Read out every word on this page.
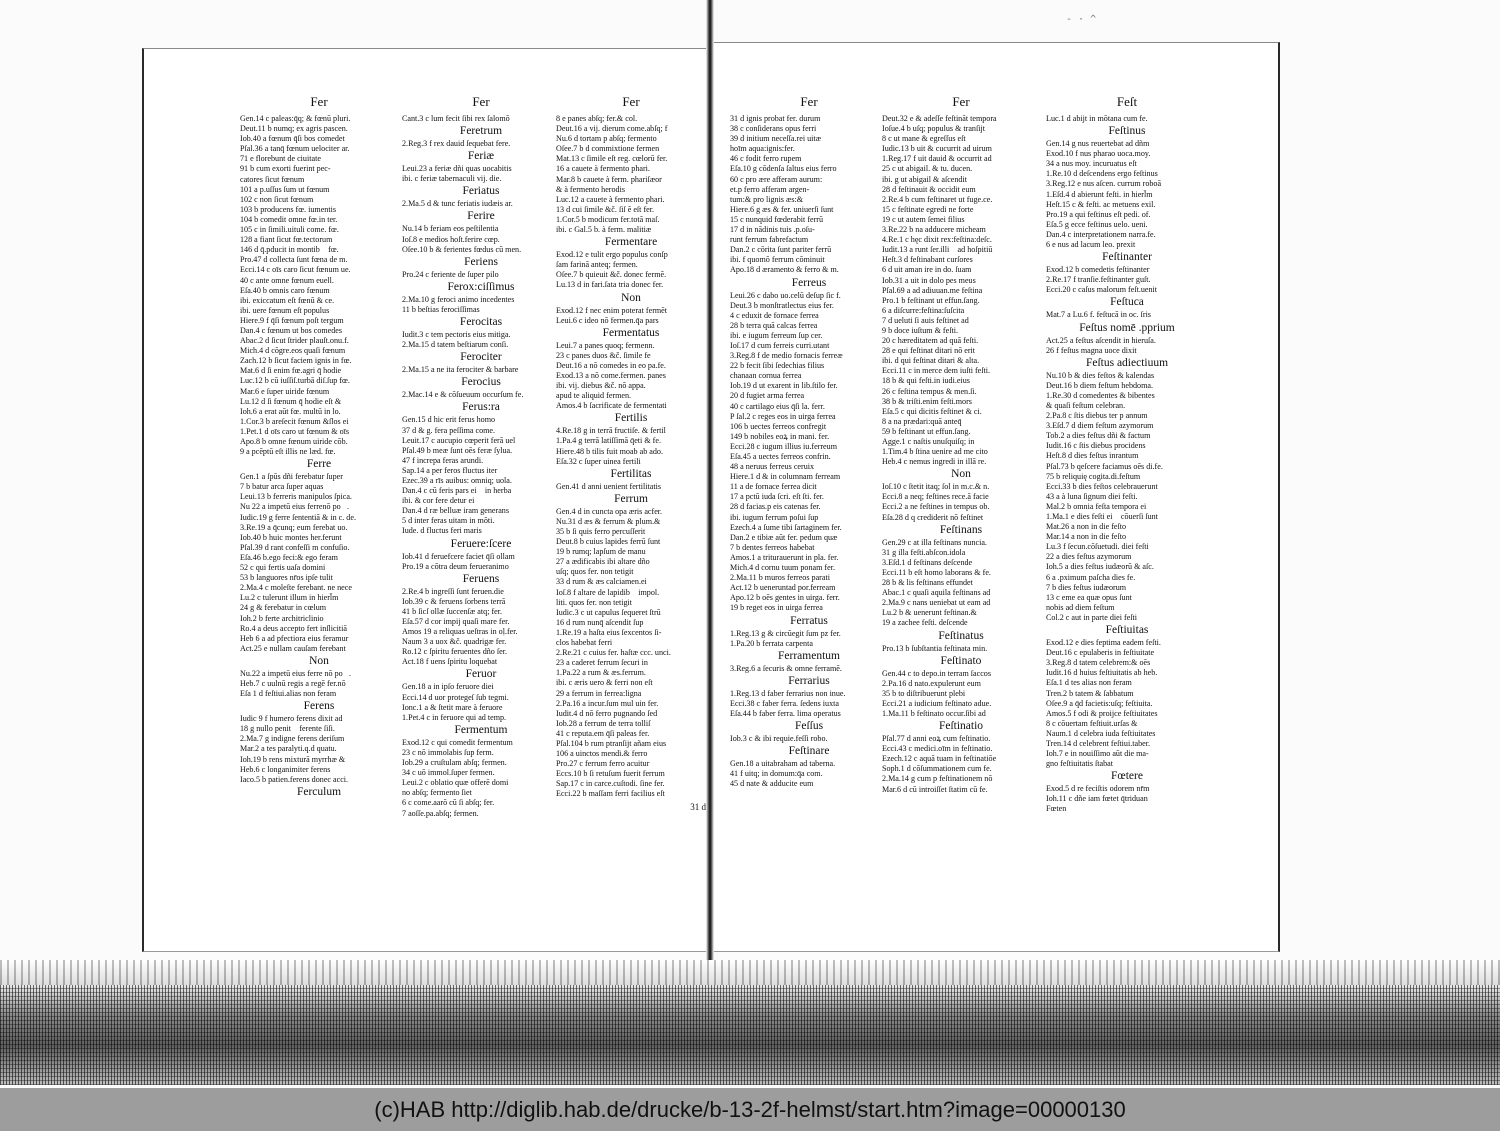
- · ^
Fer
Gen.14 c paleas:q̄q; & fœnū pluri.
Deut.11 b numq; ex agris pascen.
Iob.40 a fœnum q̄ſi bos comedet
Pſal.36 a tanq̄ fœnum uelociter ar.
71 e florebunt de ciuitate
91 b cum exorti fuerint pec-
catores ſicut fœnum
101 a p.uſſus ſum ut fœnum
102 c non ſicut fœnum
103 b producens fœ. iumentis
104 b comedit omne fœ.in ter.
105 c in ſimili.uituli come. fœ.
128 a fiant ſicut fœ.tectorum
146 d q̄.pducit in montib᷒ fœ.
Pro.47 d collecta ſunt fœna de m.
Ecci.14 c oīs caro ſicut fœnum ue.
40 c ante omne fœnum euell.
Eſa.40 b omnis caro fœnum
ibi. exiccatum eſt fœnū & ce.
ibi. uere fœnum eſt populus
Hiere.9 f q̄ſi fœnum poſt tergum
Dan.4 c fœnum ut bos comedes
Abac.2 d ſicut ſtrider plauſt.onu.f.
Mich.4 d cōgre.eos quaſi fœnum
Zach.12 b ſicut faciem ignis in fœ.
Mat.6 d ſi enim fœ.agri q̄ hodie
Luc.12 b cū iuſſiſ.turbā diſ.ſup fœ.
Mar.6 e ſuper uiride fœnum
Lu.12 d ſi fœnum q̄ hodie eſt &
Ioh.6 a erat aūt fœ. multū in lo.
1.Cor.3 b areſecit fœnum &ſlos ei᷒
1.Pet.1 d oīs caro ut fœnum & oīs
Apo.8 b omne fœnum uiride cōb.
9 a pcēptū eſt illis ne læd. fœ.
Ferre
Gen.1 a ſpūs dñi ferebatur ſuper
7 b batur arca ſuper aquas
Leui.13 b ferreris manipulos ſpica.
Nu 22 a impetū eius ferrenō po᷒.
Iudic.19 g ferre ſententiā & in c. de.
3.Re.19 a q̄cunq; eum ferebat uo.
Iob.40 b huic montes her.ferunt
Pſal.39 d rant confeſſi m confuſio.
Eſa.46 b.ego feci:& ego feram
52 c qui fertis uaſa domini
53 b languores nr̄os ipſe tulit
2.Ma.4 c moleſte ferebant. ne nece
Lu.2 c tulerunt illum in hierl̄m
24 g & ferebatur in cœlum
Ioh.2 b ferte architriclinio
Ro.4 a deus accepto fert inſlicitiā
Heb 6 a ad pfectiora eius feramur
Act.25 e nullam cauſam ferebant
Non
Nu.22 a impetū eius ferre nō po᷒.
Heb.7 c uulnū regis a regē fer.nō
Eſa 1 d feſtiui.alias non feram
Ferens
Iudic 9 f humero ferens dixit ad
18 g nullo penit᷒ ferente ſiſi.
2.Ma.7 g indigne ferens deriſum
Mar.2 a tes paralyti.q.d quatu.
Ioh.19 b rens mixturā myrrhæ &
Heb.6 c longanimiter ferens
Iaco.5 b patien.ferens donec acci.
Ferculum
Fer
Cant.3 c lum fecit ſibi rex ſalomō
Feretrum
2.Reg.3 f rex dauid ſequebat fere.
Feriæ
Leui.23 a feriæ dñi quas uocabitis
ibi. c feriæ tabernaculi vij. die.
Feriatus
2.Ma.5 d & tunc feriatis iudæis ar.
Ferire
Nu.14 b feriam eos peſtilentia
Ioſ.8 e medios hoſt.ferire cœp.
Oſee.10 b & ferientes fœdus cū men.
Feriens
Pro.24 c feriente de ſuper pilo
Ferox:ciſſimus
2.Ma.10 g feroci animo incedentes
11 b beſtias ferociſſimas
Ferocitas
Iudit.3 c tem pectoris eius mitiga.
2.Ma.15 d tatem beſtiarum conſi.
Ferociter
2.Ma.15 a ne ita ferociter & barbare
Ferocius
2.Mac.14 e & cōſueuum occurſum fe.
Ferus:ra
Gen.15 d hic erit ferus homo
37 d & g. fera peſſima come.
Leuit.17 c aucupio cœperit ferā uel
Pſal.49 b meæ ſunt oēs feræ ſylua.
47 f increpa feras arundi.
Sap.14 a per feros fluctus iter
Ezec.39 a rīs auibus: omniq; uola.
Dan.4 c cū feris pars ei᷒ in herba
ibi. & cor fere detur ei
Dan.4 d ræ belluæ iram generans
5 d inter feras uitam in mōti.
Iude. d fluctus feri maris
Feruere:ſcere
Iob.41 d feruefcere faciet q̄ſi ollam
Pro.19 a cōtra deum ferueranimo
Feruens
2.Re.4 b ingreſſi ſunt feruen.die
Iob.39 c & feruens ſorbens terrā
41 b ſicſ ollæ ſuccenſæ atq; fer.
Eſa.57 d cor impij quaſi mare fer.
Amos 19 a reliquas ueſtras in oḷ.fer.
Naum 3 a uox &č. quadrigæ fer.
Ro.12 c ſpiritu feruentes dño ſer.
Act.18 f uens ſpiritu loquebat
Feruor
Gen.18 a in ipſo feruore diei
Ecci.14 d uor protegeſ ſub tegmi.
Ionc.1 a & ſtetit mare à feruore
1.Pet.4 c in feruore qui ad temp.
Fermentum
Exod.12 c qui comedit fermentum
23 c nō immolabis ſup ferm.
Iob.29 a cruſtulam abſq; fermen.
34 c uō immol.ſuper fermen.
Leui.2 c oblatio quæ offerē domi
no abſq; fermento ſiet
6 c come.aarō cū ſi abſq; fer.
7 aoſſe.pa.abſq; fermen.
Fer
8 e panes abſq; fer.& col.
Deut.16 a vij. dierum come.abſq; f
Nu.6 d tortam p abſq; fermento
Oſee.7 b d commixtione fermen
Mat.13 c ſimile eſt reg. cœlorū fer.
16 a cauete à fermento phari.
Mar.8 b cauete à ferm. phariſæor
& à fermento herodis
Luc.12 a cauete à fermento phari.
13 d cui ſimile &č. ſiſ ẽ eſt fer.
1.Cor.5 b modicum fer.totā maſ.
ibi. c Gal.5 b. à ferm. malitiæ
Fermentare
Exod.12 e tulit ergo populus conſp
ſam farinā anteq; fermen.
Oſee.7 b quieuit &č. donec fermē.
Lu.13 d in fari.ſata tria donec fer.
Non
Exod.12 f nec enim poterat fermēt
Leui.6 c ideo nō fermen.q̄a pars
Fermentatus
Leui.7 a panes quoq; fermenn.
23 c panes duos &č. ſimile fe
Deut.16 a nō comedes in eo pa.fe.
Exod.13 a nō come.fermen. panes
ibi. vij. diebus &č. nō appa.
apud te aliquid fermen.
Amos.4 b ſacrificate de fermentati
Fertilis
4.Re.18 g in terrā fructiſe. & fertil
1.Pa.4 g terrā latiſſimā q̄eti & fe.
Hiere.48 b tilis fuit moab ab ado.
Eſa.32 c ſuper uinea fertili
Fertilitas
Gen.41 d anni uenient fertilitatis
Ferrum
Gen.4 d in cuncta opa æris acfer.
Nu.31 d æs & ferrum & plum.&
35 b ſi quis ferro percuſſerit
Deut.8 b cuius lapides ferrū ſunt
19 b rumq; lapſum de manu
27 a ædificabis ibi altare dño
uſq; quos fer. non tetigit
33 d rum & æs calciamen.ei᷒
Ioſ.8 f altare de lapidib᷒ impol.
liti. quos fer. non tetigit
Iudic.3 c ut capulus ſequeret ſtrū
16 d rum nunq̄ aſcendit ſup
1.Re.19 a haſta eius ſexcentos ſi-
clos habebat ferri
2.Re.21 c cuius fer. haſtæ ccc. unci.
23 a caderet ferrum ſecuri in
1.Pa.22 a rum & æs.ferrum.
ibi. c æris uero & ferri non eſt
29 a ferrum in ferrea:ligna
2.Pa.16 a incur.ſum mul uin fer.
Iudit.4 d nō ferro pugnando ſed
Iob.28 a ferrum de terra tolliſ
41 c reputa.em q̄ſi paleas fer.
Pſal.104 b rum ptranſijt añam eius
106 a uinctos mendi.& ferro
Pro.27 c ferrum ferro acuitur
Eccs.10 b ſi retuſum fuerit ferrum
Sap.17 c in carce.cuſtodi. ſine fer.
Ecci.22 b maſſam ferri facilius eſt
31 d
Fer
31 d ignis probat fer. durum
38 c conſiderans opus ferri
39 d initium neceſſa.rei uitæ
hoīm aqua:ignis:fer.
46 c fodit ferro rupem
Eſa.10 g cōdenſa ſaltus eius ferro
60 c pro ære afferam aurum:
et.p ferro afferam argen-
tum:& pro lignis æs:&
Hiere.6 g æs & fer. uniuerſi ſunt
15 c nunquid fœderabit ferrū
17 d in nādinis tuis .p.oſu-
runt ferrum fabrefactum
Dan.2 c cōrita ſunt pariter ferrū
ibi. f quomō ferrum cōminuit
Apo.18 d æramento & ferro & m.
Ferreus
Leui.26 c dabo uo.celū deſup ſic f.
Deut.3 b monſtratlectus eius fer.
4 c eduxit de fornace ferrea
28 b terra quā calcas ferrea
ibi. e iugum ferreum ſup cer.
Ioſ.17 d cum ferreis curri.utant
3.Reg.8 f de medio fornacis ferreæ
22 b fecit ſibi ſedechias filius
chanaan cornua ferrea
Iob.19 d ut exarent in lib.ſtilo fer.
20 d fugiet arma ferrea
40 c cartilago eius q̄ſi la. ferr.
P ſal.2 c reges eos in uirga ferrea
106 b uectes ferreos confregit
149 b nobiles eoꝝ in mani. fer.
Ecci.28 c iugum illius iu.ferreum
Eſa.45 a uectes ferreos confrin.
48 a neruus ferreus ceruix
Hiere.1 d & in columnam ferream
11 a de fornace ferrea dicit
17 a pctū iuda ſcri. eſt ſti. fer.
28 d facias.p eis catenas fer.
ibi. iugum ferrum poſui ſup
Ezech.4 a ſume tibi ſartaginem fer.
Dan.2 e tibiæ aūt fer. pedum quæ
7 b dentes ferreos habebat
Amos.1 a triturauerunt in pla. fer.
Mich.4 d cornu tuum ponam fer.
2.Ma.11 b muros ferreos parati
Act.12 b ueneruntad por.ferream
Apo.12 b oēs gentes in uirga. ferr.
19 b reget eos in uirga ferrea
Ferratus
1.Reg.13 g & circūegit ſum pz fer.
1.Pa.20 b ferrata carpenta
Ferramentum
3.Reg.6 a ſecuris & omne ferramē.
Ferrarius
1.Reg.13 d faber ferrarius non inue.
Ecci.38 c faber ferra. ſedens iuxta
Eſa.44 b faber ferra. lima operatus
Feſſus
Iob.3 c & ibi requie.feſſi robo.
Feſtinare
Gen.18 a uitabraham ad taberna.
41 f uitq; in domum:q̄a com.
45 d nate & adducite eum
Fer
Deut.32 e & adeſſe feſtināt tempora
Ioſue.4 b uſq; populus & tranſijt
8 c ut mane & egreſſus eſt
Iudic.13 b uit & cucurrit ad uirum
1.Reg.17 f uit dauid & occurrit ad
25 c ut abigail. & tu. ducen.
ibi. g ut abigail & aſcendit
28 d feſtinauit & occidit eum
2.Re.4 b cum feſtinaret ut fuge.ce.
15 c feſtinate egredi ne forte
19 c ut autem ſemei filius
3.Re.22 b na adducere micheam
4.Re.1 c hęc dixit rex:feſtina:deſc.
Iudit.13 a runt ſer.illi᷒ ad hoſpitiū
Heſt.3 d feſtinabant curſores
6 d uit aman ire in do. ſuam
Iob.31 a uit in dolo pes meus
Pſal.69 a ad adiuuan.me feſtina
Pro.1 b feſtinant ut effun.ſang.
6 a diſcurre:feſtina:ſuſcita
7 d ueluti ſi auis feſtinet ad
9 b doce iuſtum & feſti.
20 c hæreditatem ad quā feſti.
28 e qui feſtinat ditari nō erit
ibi. d qui feſtinat ditari & alta.
Ecci.11 c in merce dem iuſti feſti.
18 b & qui feſti.in iudi.eius
26 c feſtina tempus & men.ſi.
38 b & triſti.enim feſti.mors
Eſa.5 c qui dicitis feſtinet & ci.
8 a na prædari:quā anteq̄
59 b feſtinant ut effun.ſang.
Agge.1 c naſtis unuſquiſq; in
1.Tim.4 b ſtina uenire ad me cito
Heb.4 c nemus ingredi in illā re.
Non
Ioſ.10 c ſtetit itaq; ſol in m.c.& n.
Ecci.8 a neq; feſtines rece.ā facie
Ecci.2 a ne feſtines in tempus ob.
Eſa.28 d q crediderit nō feſtinet
Feſtinans
Gen.29 c at illa feſtinans nuncia.
31 g illa feſti.abſcon.idola
3.Eſd.1 d feſtinans deſcende
Ecci.11 b eſt homo laborans & fe.
28 b & lis feſtinans effundet
Abac.1 c quaſi aquila feſtinans ad
2.Ma.9 c nans ueniebat ut eam ad
Lu.2 b & uenerunt feſtinan.&
19 a zachee feſti. deſcende
Feſtinatus
Pro.13 b ſubſtantia feſtinata min.
Feſtinato
Gen.44 c to depo.in terram ſaccos
2.Pa.16 d nato.expulerunt eum
35 b to diſtribuerunt plebi
Ecci.21 a iudicium feſtinato adue.
1.Ma.11 b feſtinato occur.ſibi ad
Feſtinatio
Pſal.77 d anni eoꝝ cum feſtinatio.
Ecci.43 c medici.oīm in feſtinatio.
Ezech.12 c aquā tuam in feſtinatiōe
Soph.1 d cōſummationem cum fe.
2.Ma.14 g cum p feſtinationem nō
Mar.6 d cū introiſſet ſtatim cū fe.
Feſt
Luc.1 d abijt in mōtana cum fe.
Feſtinus
Gen.14 g nus reuertebat ad dñm
Exod.10 f nus pharao uoca.moy.
34 a nus moy. incuruatus eſt
1.Re.10 d deſcendens ergo feſtinus
3.Reg.12 e nus aſcen. currum roboā
1.Eſd.4 d abierunt feſti. in hierl̄m
Heſt.15 c & feſti. ac metuens exil.
Pro.19 a qui feſtinus eſt pedi. of.
Eſa.5 g ecce feſtinus uelo. ueni.
Dan.4 c interpretationem narra.fe.
6 e nus ad lacum leo. prexit
Feſtinanter
Exod.12 b comedetis feſtinanter
2.Re.17 f tranſie.feſtinanter guſt.
Ecci.20 c caſus malorum feſt.uenit
Feſtuca
Mat.7 a Lu.6 f. feſtucā in oc. ſris
Feſtus nomē .pprium
Act.25 a feſtus aſcendit in hieruſa.
26 f feſtus magna uoce dixit
Feſtus adiectiuum
Nu.10 b & dies feſtos & kalendas
Deut.16 b diem feſtum hebdoma.
1.Re.30 d comedentes & bibentes
& quaſi feſtum celebran.
2.Pa.8 c ſtis diebus ter p annum
3.Eſd.7 d diem feſtum azymorum
Tob.2 a dies feſtus dñi & factum
Iudit.16 c ſtis diebus procidens
Heſt.8 d dies feſtus inrantum
Pſal.73 b qeſcere faciamus oēs di.fe.
75 b reliquię cogita.di.feſtum
Ecci.33 b dies feſtos celebrauerunt
43 a à luna ſignum diei feſti.
Mal.2 b omnia feſta tempora ei᷒
1.Ma.1 e dies feſti ei᷒ cōuerſi ſunt
Mat.26 a non in die feſto
Mar.14 a non in die feſto
Lu.3 f ſecun.cōſuetudi. diei feſti
22 a dies feſtus azymorum
Ioh.5 a dies feſtus iudæorū & aſc.
6 a .pximum paſcha dies fe.
7 b dies feſtus iudæorum
13 c eme ea quæ opus ſunt
nobis ad diem feſtum
Col.2 c aut in parte diei feſti
Feſtiuitas
Exod.12 e dies feptima eadem feſti.
Deut.16 c epulaberis in feſtiuitate
3.Reg.8 d tatem celebrem:& oēs
Iudit.16 d huius feſtiuitatis ab heb.
Eſa.1 d tes alias non feram
Tren.2 b tatem & ſabbatum
Oſee.9 a q̄d facietis:uſq; feſtiuita.
Amos.5 f odi & proijce feſtiuitates
8 c cōuertam feſtiuit.urſas &
Naum.1 d celebra iuda feſtiuitates
Tren.14 d celebrent feſtiui.taber.
Ioh.7 e in nouiſſimo aūt die ma-
gno feſtiuitatis ſtabat
Fœtere
Exod.5 d re feciſtis odorem nr̄m
Ioh.11 c dñe iam fœtet q̄triduan᷒
Fœten
(c)HAB http://diglib.hab.de/drucke/b-13-2f-helmst/start.htm?image=00000130
